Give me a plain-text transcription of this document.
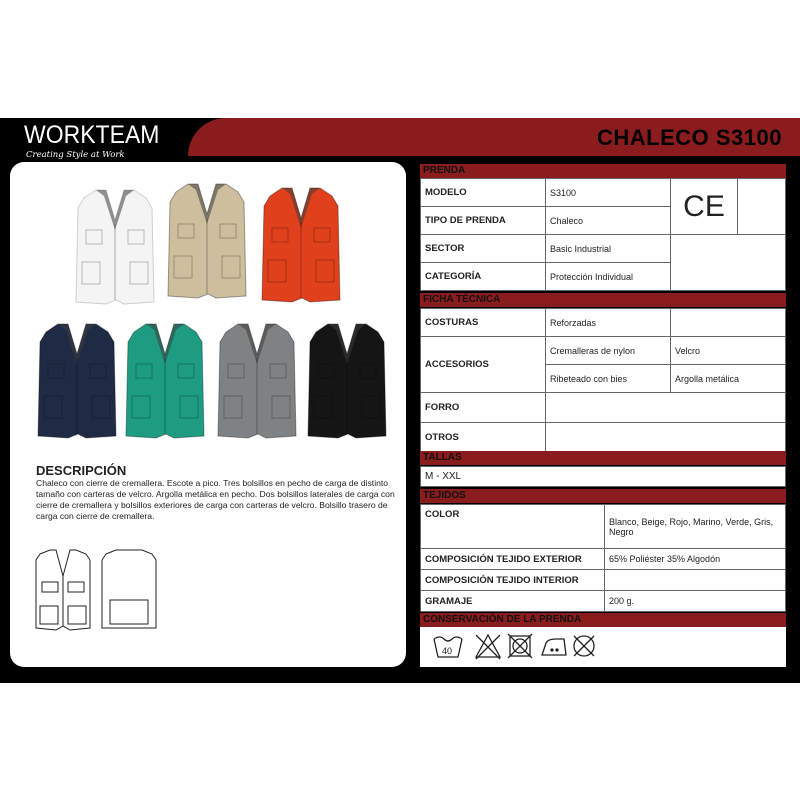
WORKTEAM
Creating Style at Work
CHALECO S3100
DESCRIPCIÓN
Chaleco con cierre de cremallera. Escote a pico. Tres bolsillos en pecho de carga de distinto tamaño con carteras de velcro. Argolla metálica en pecho. Dos bolsillos laterales de carga con cierre de cremallera y bolsillos exteriores de carga con carteras de velcro. Bolsillo trasero de carga con cierre de cremallera.
PRENDA
MODELO	S3100	CE	
TIPO DE PRENDA	Chaleco		
SECTOR	Basic Industrial		
CATEGORÍA	Protección Individual		
FICHA TÉCNICA
COSTURAS	Reforzadas	
ACCESORIOS	Cremalleras de nylon	Velcro
	Ribeteado con bies	Argolla metálica
FORRO		
OTROS		
TALLAS
M - XXL
TEJIDOS
COLOR	Blanco, Beige, Rojo, Marino, Verde, Gris, Negro
COMPOSICIÓN TEJIDO EXTERIOR	65% Poliéster 35% Algodón
COMPOSICIÓN TEJIDO INTERIOR	
GRAMAJE	200 g.
CONSERVACIÓN DE LA PRENDA
40
